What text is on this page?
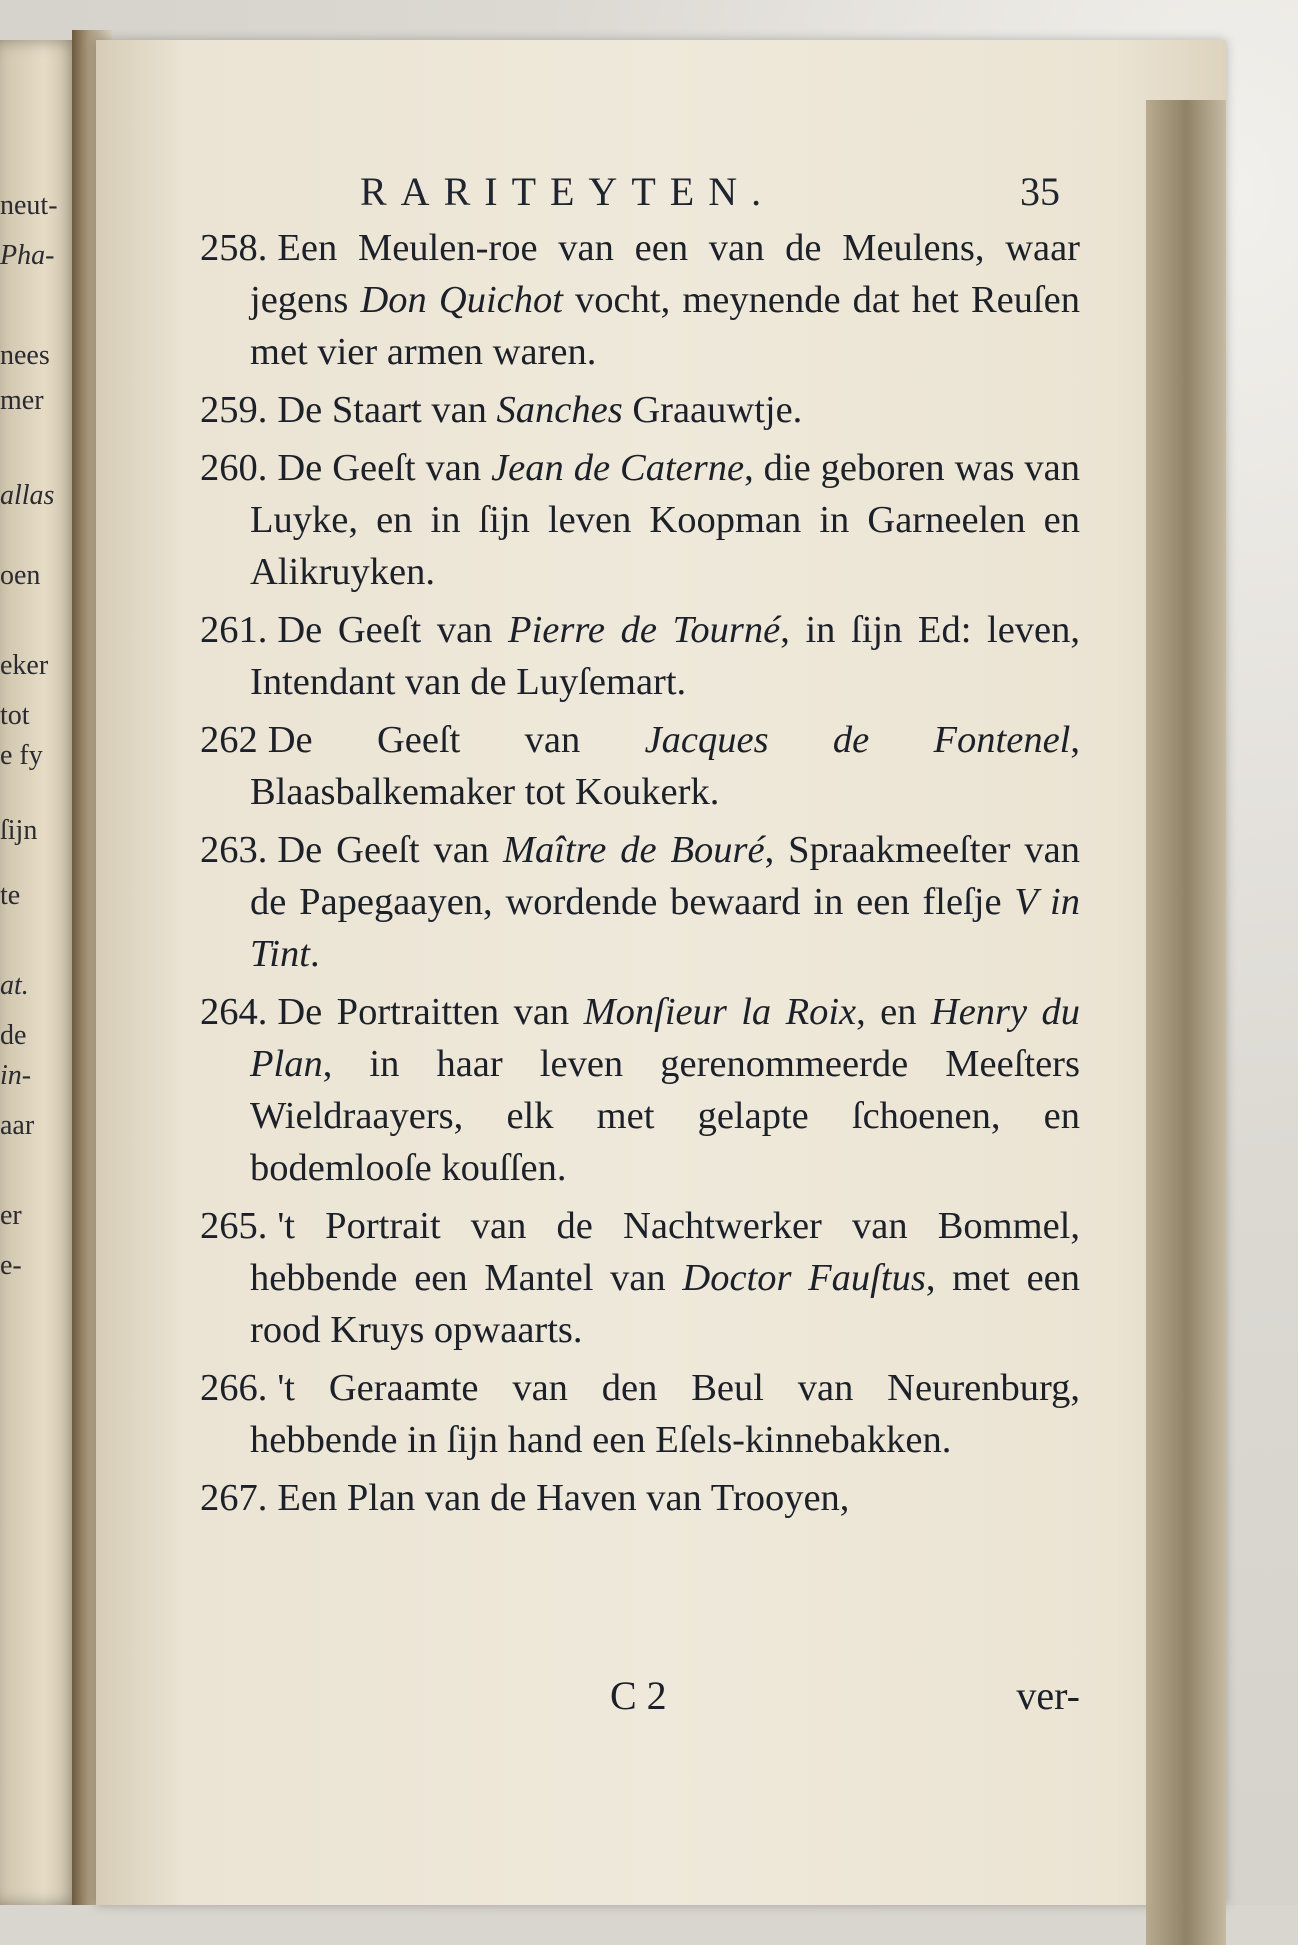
neut-
Pha-
nees
mer
allas
oen
eker
tot
e fy
ſijn
te
at.
de
in-
aar
er
e-
RARITEYTEN.	35
258. Een Meulen-roe van een van de Meulens, waar jegens Don Quichot vocht, meynende dat het Reuſen met vier armen waren.
259. De Staart van Sanches Graauwtje.
260. De Geeſt van Jean de Caterne, die geboren was van Luyke, en in ſijn leven Koopman in Garneelen en Alikruyken.
261. De Geeſt van Pierre de Tourné, in ſijn Ed: leven, Intendant van de Luyſemart.
262 De Geeſt van Jacques de Fontenel, Blaasbalkemaker tot Koukerk.
263. De Geeſt van Maître de Bouré, Spraakmeeſter van de Papegaayen, wordende bewaard in een fleſje V in Tint.
264. De Portraitten van Monſieur la Roix, en Henry du Plan, in haar leven gerenommeerde Meeſters Wieldraayers, elk met gelapte ſchoenen, en bodemlooſe kouſſen.
265. 't Portrait van de Nachtwerker van Bommel, hebbende een Mantel van Doctor Fauſtus, met een rood Kruys opwaarts.
266. 't Geraamte van den Beul van Neurenburg, hebbende in ſijn hand een Eſels-kinnebakken.
267. Een Plan van de Haven van Trooyen,
C 2	ver-
